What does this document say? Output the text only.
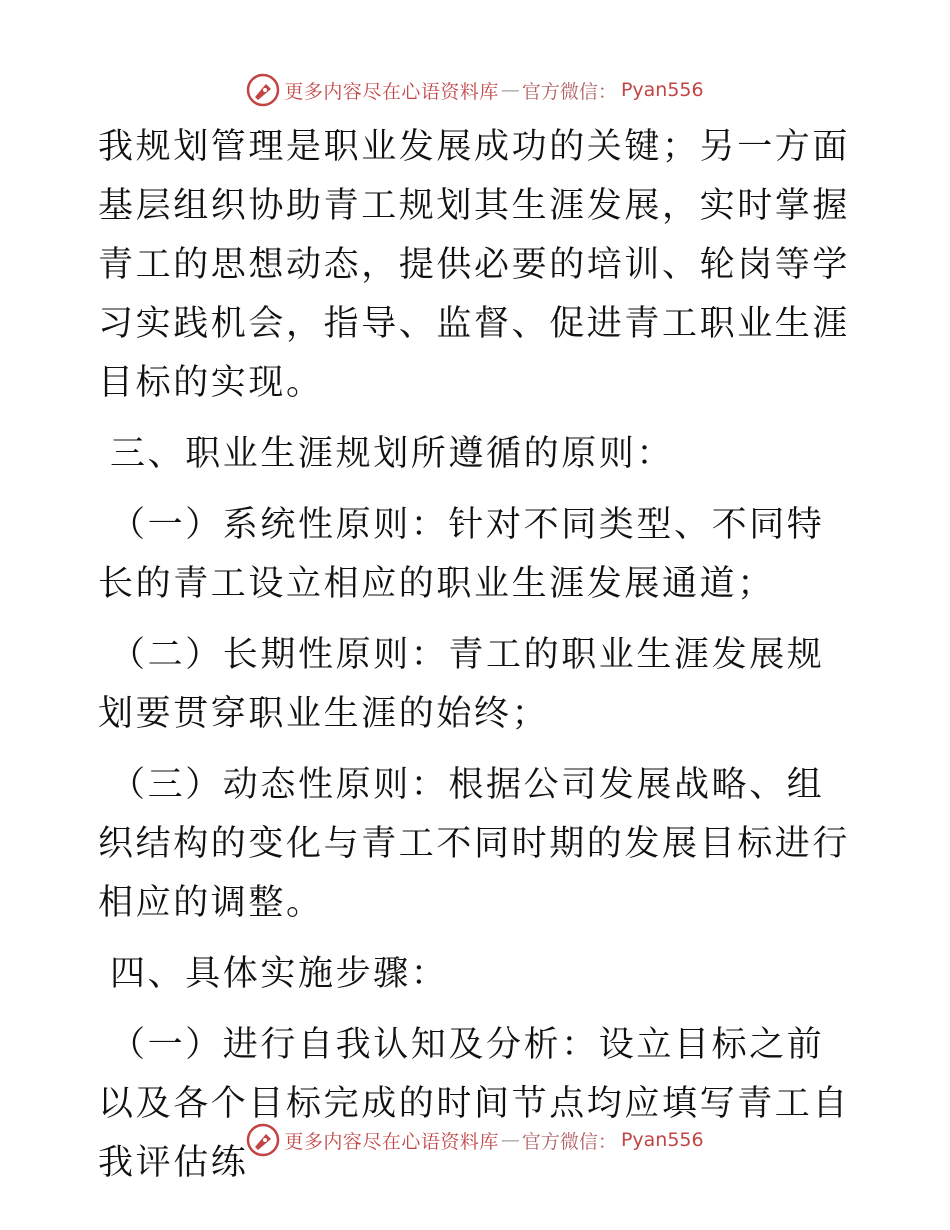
更多内容尽在心语资料库 — 官方微信： Pyan556

我规划管理是职业发展成功的关键；另一方面基层组织协助青工规划其生涯发展，实时掌握青工的思想动态，提供必要的培训、轮岗等学习实践机会，指导、监督、促进青工职业生涯目标的实现。

三、职业生涯规划所遵循的原则：

（一）系统性原则：针对不同类型、不同特长的青工设立相应的职业生涯发展通道；

（二）长期性原则：青工的职业生涯发展规划要贯穿职业生涯的始终；

（三）动态性原则：根据公司发展战略、组织结构的变化与青工不同时期的发展目标进行相应的调整。

四、具体实施步骤：

（一）进行自我认知及分析：设立目标之前以及各个目标完成的时间节点均应填写青工自我评估练

更多内容尽在心语资料库 — 官方微信： Pyan556
